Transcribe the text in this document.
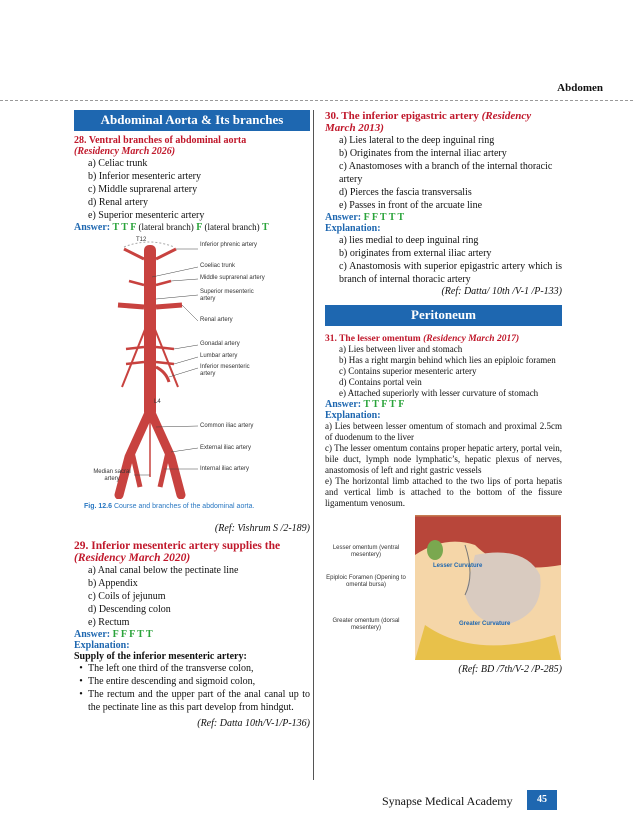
Abdomen
Abdominal Aorta & Its branches
28. Ventral branches of abdominal aorta
(Residency March 2026)

a) Celiac trunk

b) Inferior mesenteric artery

c) Middle suprarenal artery

d) Renal artery

e) Superior mesenteric artery

Answer: T T F (lateral branch) F (lateral branch) T
T12
L4
Inferior phrenic artery
Coeliac trunk
Middle suprarenal artery
Superior mesenteric artery
Renal artery
Gonadal artery
Lumbar artery
Inferior mesenteric artery
Common iliac artery
External iliac artery
Internal iliac artery
Median sacral artery
Fig. 12.6 Course and branches of the abdominal aorta.
(Ref: Vishrum S /2-189)
29. Inferior mesenteric artery supplies the
(Residency March 2020)

a) Anal canal below the pectinate line

b) Appendix

c) Coils of jejunum

d) Descending colon

e) Rectum

Answer: F F F T T
Explanation:
Supply of the inferior mesenteric artery:
• The left one third of the transverse colon,
• The entire descending and sigmoid colon,
• The rectum and the upper part of the anal canal up to the pectinate line as this part develop from hindgut.
(Ref: Datta 10th/V-1/P-136)
30. The inferior epigastric artery (Residency March 2013)

a) Lies lateral to the deep inguinal ring

b) Originates from the internal iliac artery

c) Anastomoses with a branch of the internal thoracic artery

d) Pierces the fascia transversalis

e) Passes in front of the arcuate line

Answer: F F T T T
Explanation:

a) lies medial to deep inguinal ring

b) originates from external iliac artery

c) Anastomosis with superior epigastric artery which is branch of internal thoracic artery

(Ref: Datta/ 10th /V-1 /P-133)
Peritoneum
31. The lesser omentum (Residency March 2017)

a) Lies between liver and stomach

b) Has a right margin behind which lies an epiploic foramen

c) Contains superior mesenteric artery

d) Contains portal vein

e) Attached superiorly with lesser curvature of stomach

Answer: T T F T F
Explanation:

a) Lies between lesser omentum of stomach and proximal 2.5cm of duodenum to the liver

c) The lesser omentum contains proper hepatic artery, portal vein, bile duct, lymph node lymphatic’s, hepatic plexus of nerves, anastomosis of left and right gastric vessels

e) The horizontal limb attached to the two lips of porta hepatis and vertical limb is attached to the bottom of the fissure ligamentum venosum.

Lesser omentum (ventral mesentery)
Epiploic Foramen (Opening to omental bursa)
Greater omentum (dorsal mesentery)
Lesser Curvature
Greater Curvature
(Ref: BD /7th/V-2 /P-285)
Synapse Medical Academy	45
